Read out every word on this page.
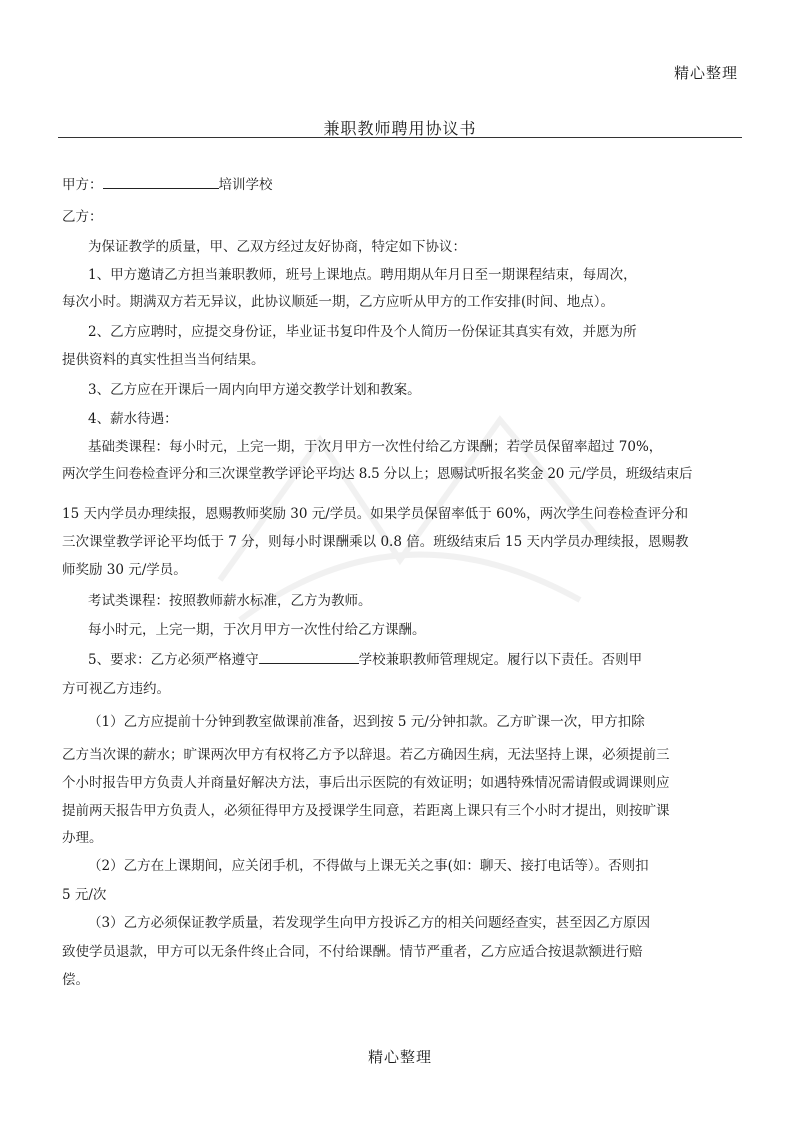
精心整理
兼职教师聘用协议书
甲方：	培训学校
乙方：
为保证教学的质量，甲、乙双方经过友好协商，特定如下协议：
1、甲方邀请乙方担当兼职教师，班号上课地点。聘用期从年月日至一期课程结束，每周次，
每次小时。期满双方若无异议，此协议顺延一期，乙方应听从甲方的工作安排(时间、地点）。
2、乙方应聘时，应提交身份证，毕业证书复印件及个人简历一份保证其真实有效，并愿为所
提供资料的真实性担当当何结果。
3、乙方应在开课后一周内向甲方递交教学计划和教案。
4、薪水待遇：
基础类课程：每小时元，上完一期，于次月甲方一次性付给乙方课酬；若学员保留率超过 70%，
两次学生问卷检查评分和三次课堂教学评论平均达 8.5 分以上；恩赐试听报名奖金 20 元/学员，班级结束后
15 天内学员办理续报，恩赐教师奖励 30 元/学员。如果学员保留率低于 60%，两次学生问卷检查评分和
三次课堂教学评论平均低于 7 分，则每小时课酬乘以 0.8 倍。班级结束后 15 天内学员办理续报，恩赐教
师奖励 30 元/学员。
考试类课程：按照教师薪水标准，乙方为教师。
每小时元，上完一期，于次月甲方一次性付给乙方课酬。
5、要求：乙方必须严格遵守	学校兼职教师管理规定。履行以下责任。否则甲
方可视乙方违约。
（1）乙方应提前十分钟到教室做课前准备，迟到按 5 元/分钟扣款。乙方旷课一次，甲方扣除
乙方当次课的薪水；旷课两次甲方有权将乙方予以辞退。若乙方确因生病，无法坚持上课，必须提前三
个小时报告甲方负责人并商量好解决方法，事后出示医院的有效证明；如遇特殊情况需请假或调课则应
提前两天报告甲方负责人，必须征得甲方及授课学生同意，若距离上课只有三个小时才提出，则按旷课
办理。
（2）乙方在上课期间，应关闭手机，不得做与上课无关之事(如：聊天、接打电话等）。否则扣
5 元/次
（3）乙方必须保证教学质量，若发现学生向甲方投诉乙方的相关问题经查实，甚至因乙方原因
致使学员退款，甲方可以无条件终止合同，不付给课酬。情节严重者，乙方应适合按退款额进行赔
偿。
精心整理
